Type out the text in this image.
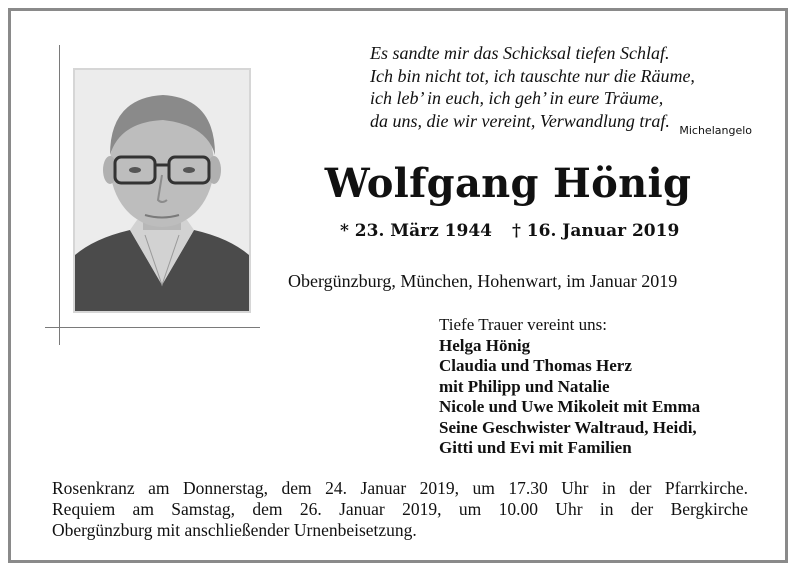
Es sandte mir das Schicksal tiefen Schlaf.
Ich bin nicht tot, ich tauschte nur die Räume,
ich leb’ in euch, ich geh’ in eure Träume,
da uns, die wir vereint, Verwandlung traf. Michelangelo
Wolfgang Hönig
* 23. März 1944 † 16. Januar 2019
Obergünzburg, München, Hohenwart, im Januar 2019
Tiefe Trauer vereint uns:
Helga Hönig
Claudia und Thomas Herz
mit Philipp und Natalie
Nicole und Uwe Mikoleit mit Emma
Seine Geschwister Waltraud, Heidi,
Gitti und Evi mit Familien
Rosenkranz am Donnerstag, dem 24. Januar 2019, um 17.30 Uhr in der Pfarrkirche.
Requiem am Samstag, dem 26. Januar 2019, um 10.00 Uhr in der Bergkirche
Obergünzburg mit anschließender Urnenbeisetzung.
